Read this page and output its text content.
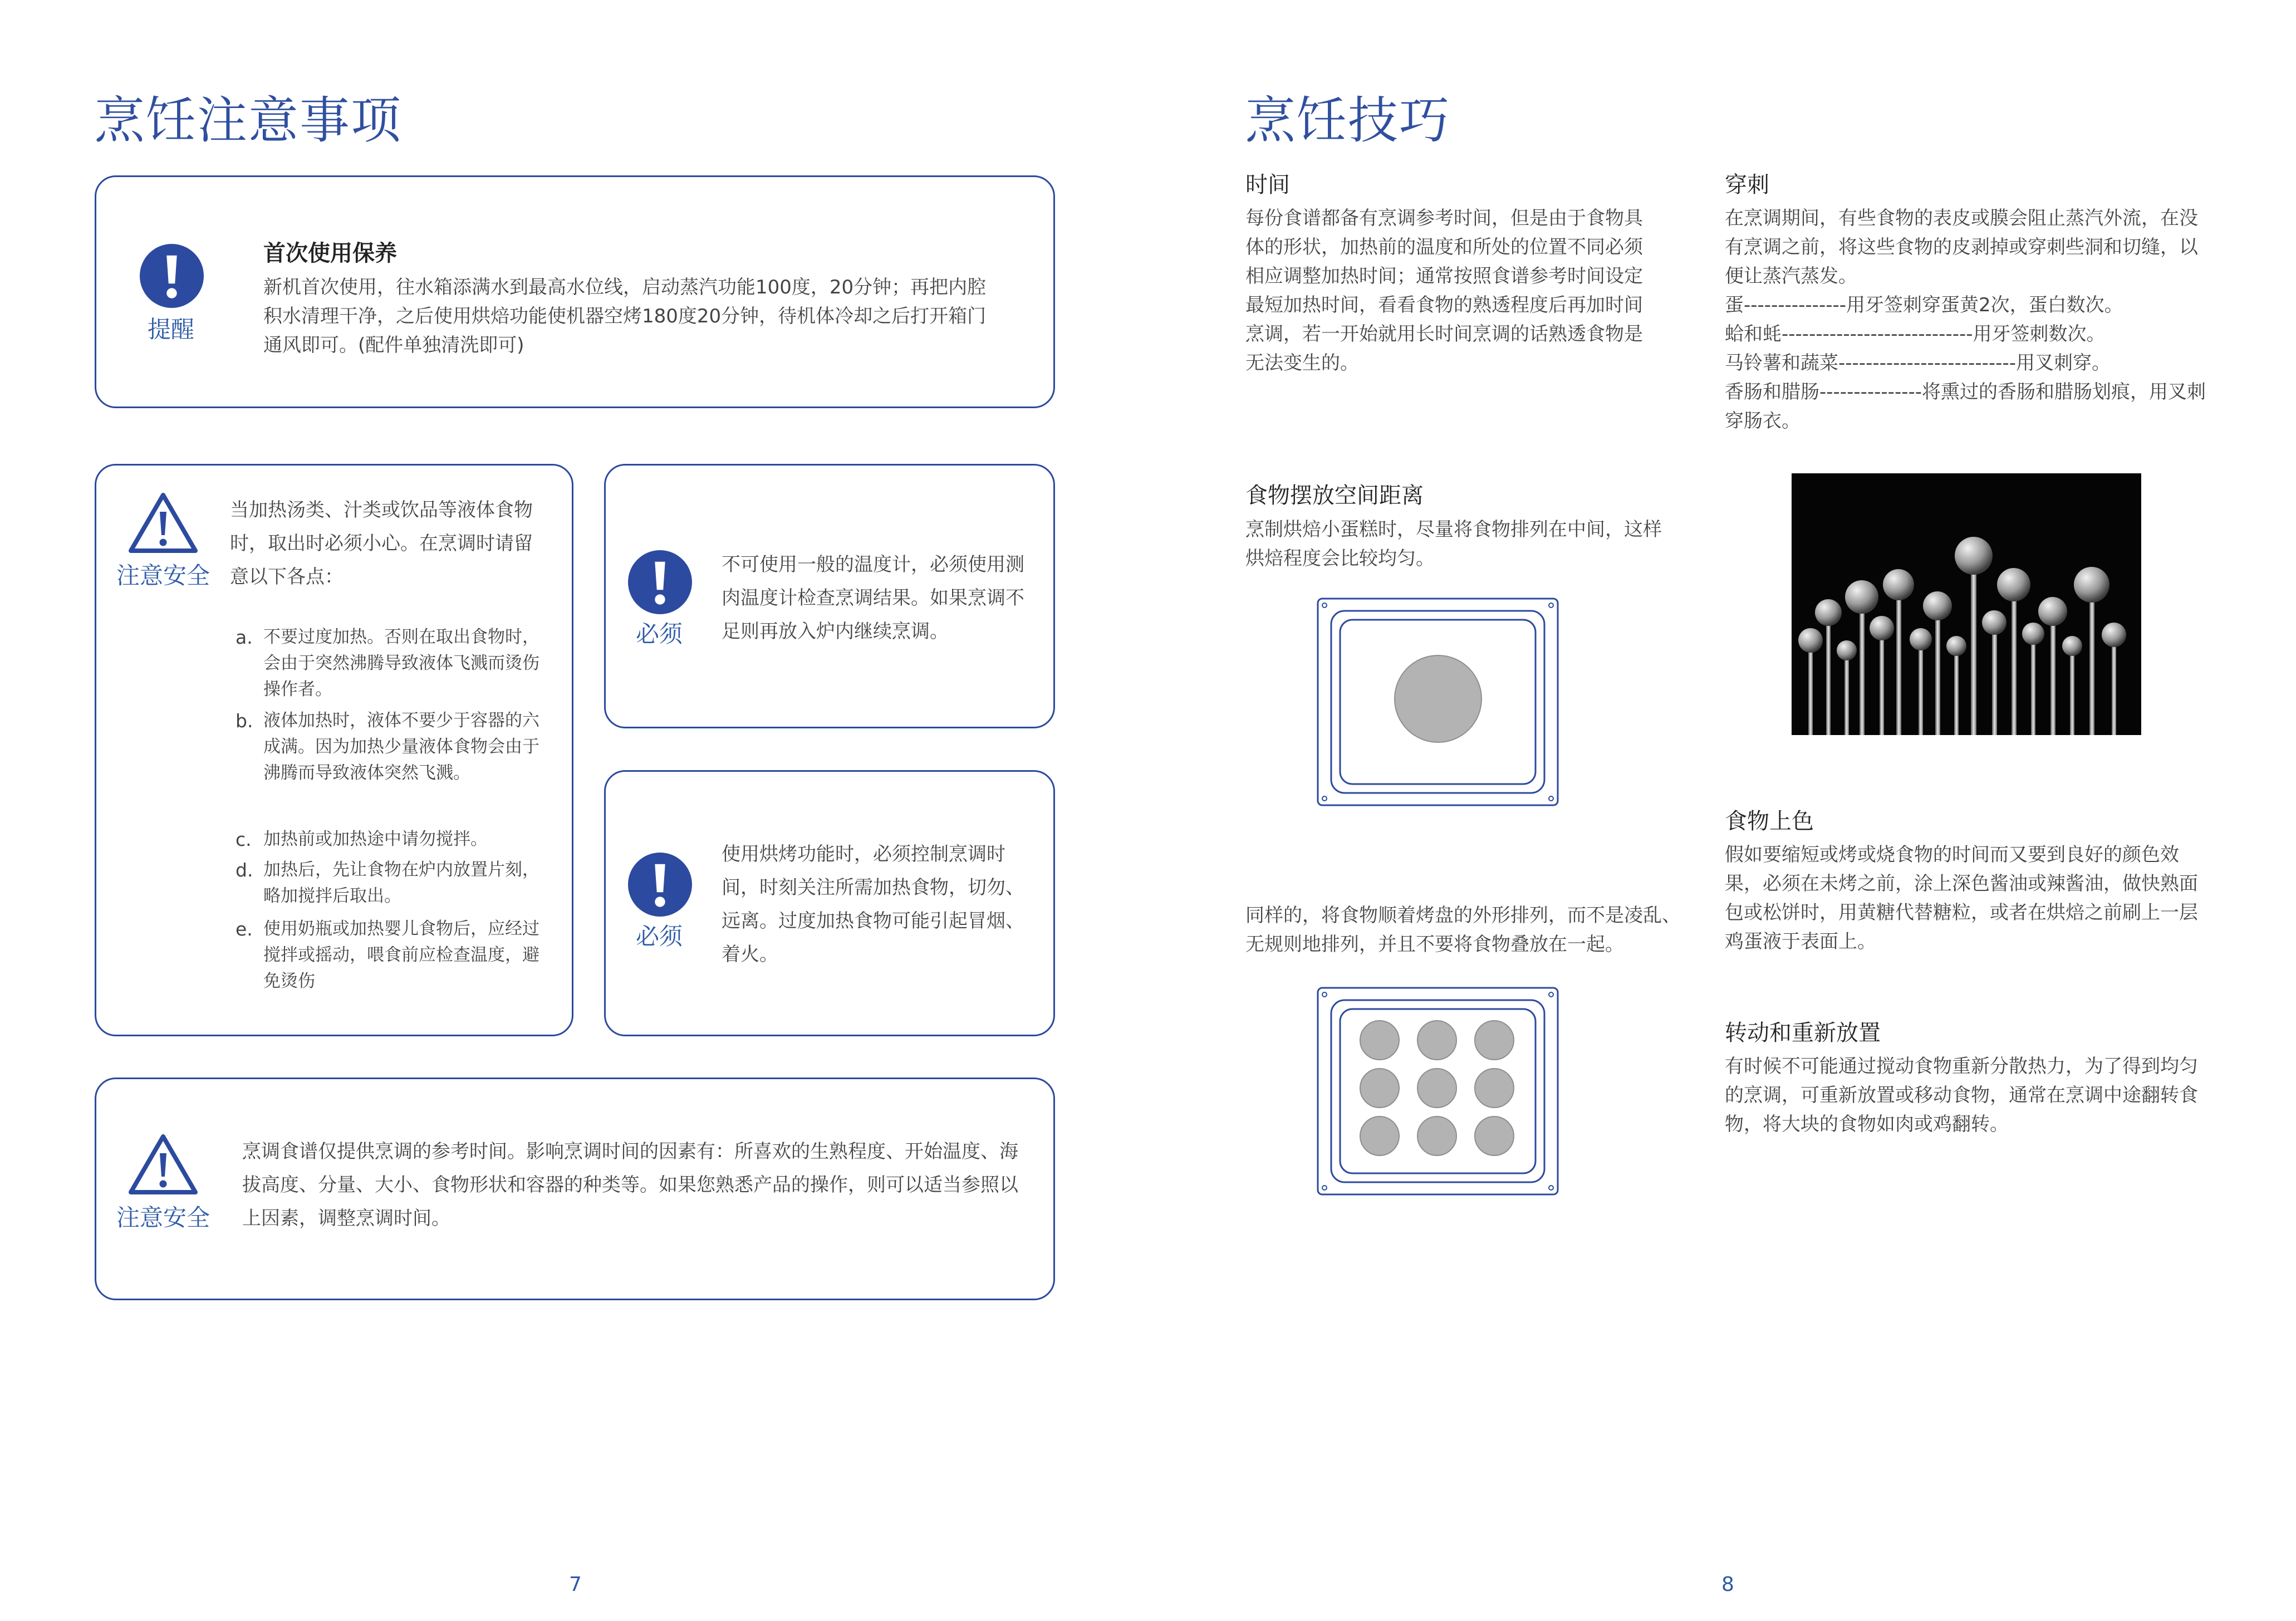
烹饪注意事项
提醒
首次使用保养
新机首次使用，往水箱添满水到最高水位线，启动蒸汽功能100度，20分钟；再把内腔积水清理干净，之后使用烘焙功能使机器空烤180度20分钟，待机体冷却之后打开箱门通风即可。(配件单独清洗即可)
注意安全
当加热汤类、汁类或饮品等液体食物时，取出时必须小心。在烹调时请留意以下各点：
a. 不要过度加热。否则在取出食物时，会由于突然沸腾导致液体飞溅而烫伤操作者。
b. 液体加热时，液体不要少于容器的六成满。因为加热少量液体食物会由于沸腾而导致液体突然飞溅。
c. 加热前或加热途中请勿搅拌。
d. 加热后，先让食物在炉内放置片刻，略加搅拌后取出。
e. 使用奶瓶或加热婴儿食物后，应经过搅拌或摇动，喂食前应检查温度，避免烫伤
必须
不可使用一般的温度计，必须使用测肉温度计检查烹调结果。如果烹调不足则再放入炉内继续烹调。
必须
使用烘烤功能时，必须控制烹调时间，时刻关注所需加热食物，切勿、远离。过度加热食物可能引起冒烟、着火。
注意安全
烹调食谱仅提供烹调的参考时间。影响烹调时间的因素有：所喜欢的生熟程度、开始温度、海拔高度、分量、大小、食物形状和容器的种类等。如果您熟悉产品的操作，则可以适当参照以上因素，调整烹调时间。
7
烹饪技巧
时间
每份食谱都备有烹调参考时间，但是由于食物具体的形状，加热前的温度和所处的位置不同必须相应调整加热时间；通常按照食谱参考时间设定最短加热时间，看看食物的熟透程度后再加时间烹调，若一开始就用长时间烹调的话熟透食物是无法变生的。
食物摆放空间距离
烹制烘焙小蛋糕时，尽量将食物排列在中间，这样烘焙程度会比较均匀。
同样的，将食物顺着烤盘的外形排列，而不是凌乱、无规则地排列，并且不要将食物叠放在一起。
穿刺
在烹调期间，有些食物的表皮或膜会阻止蒸汽外流，在没有烹调之前，将这些食物的皮剥掉或穿刺些洞和切缝，以便让蒸汽蒸发。
蛋---------------用牙签刺穿蛋黄2次，蛋白数次。
蛤和蚝----------------------------用牙签刺数次。
马铃薯和蔬菜--------------------------用叉刺穿。
香肠和腊肠---------------将熏过的香肠和腊肠划痕，用叉刺穿肠衣。
食物上色
假如要缩短或烤或烧食物的时间而又要到良好的颜色效果，必须在未烤之前，涂上深色酱油或辣酱油，做快熟面包或松饼时，用黄糖代替糖粒，或者在烘焙之前刷上一层鸡蛋液于表面上。
转动和重新放置
有时候不可能通过搅动食物重新分散热力，为了得到均匀的烹调，可重新放置或移动食物，通常在烹调中途翻转食物，将大块的食物如肉或鸡翻转。
8
